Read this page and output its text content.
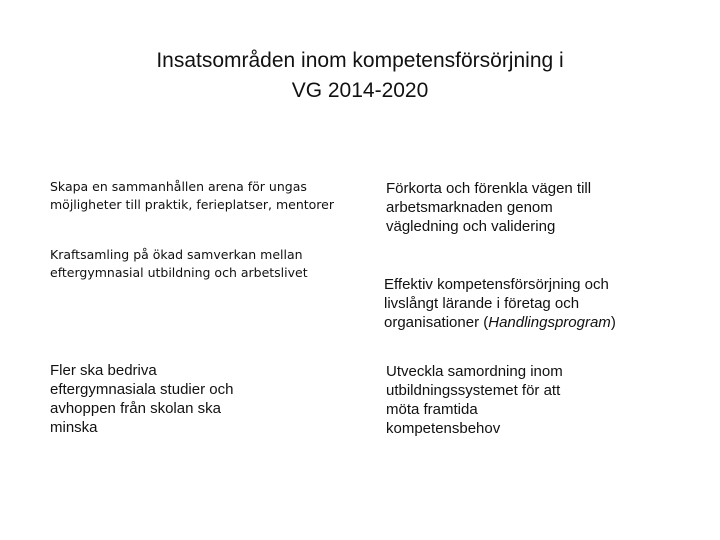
Insatsområden inom kompetensförsörjning i
VG 2014-2020
Skapa en sammanhållen arena för ungas
möjligheter till praktik, ferieplatser, mentorer
Kraftsamling på ökad samverkan mellan
eftergymnasial utbildning och arbetslivet
Fler ska bedriva
eftergymnasiala studier och
avhoppen från skolan ska
minska
Förkorta och förenkla vägen till
arbetsmarknaden genom
vägledning och validering
Effektiv kompetensförsörjning och
livslångt lärande i företag och
organisationer (Handlingsprogram)
Utveckla samordning inom
utbildningssystemet för att
möta framtida
kompetensbehov
